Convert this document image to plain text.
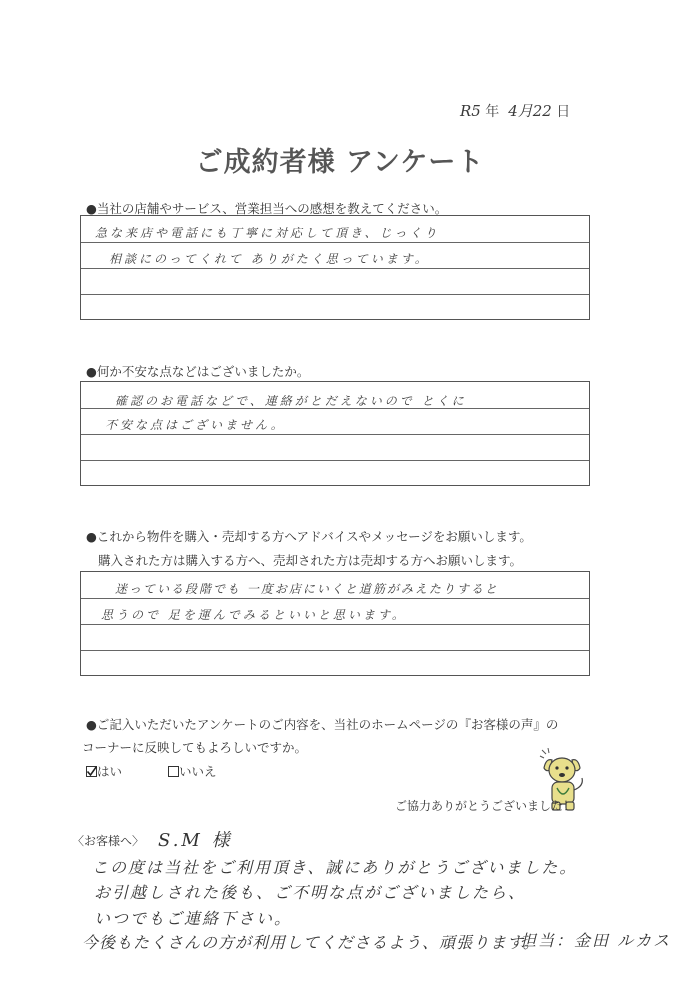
R5 年 4月22 日
ご成約者様 アンケート
●当社の店舗やサービス、営業担当への感想を教えてください。
急な来店や電話にも丁寧に対応して頂き、じっくり
相談にのってくれて ありがたく思っています。
●何か不安な点などはございましたか。
確認のお電話などで、連絡がとだえないので とくに
不安な点はございません。
●これから物件を購入・売却する方へアドバイスやメッセージをお願いします。
購入された方は購入する方へ、売却された方は売却する方へお願いします。
迷っている段階でも 一度お店にいくと道筋がみえたりすると
思うので 足を運んでみるといいと思います。
●ご記入いただいたアンケートのご内容を、当社のホームページの『お客様の声』の
コーナーに反映してもよろしいですか。
はい	いいえ
ご協力ありがとうございました！
〈お客様へ〉 S.M 様
この度は当社をご利用頂き、誠にありがとうございました。
お引越しされた後も、ご不明な点がございましたら、
いつでもご連絡下さい。
今後もたくさんの方が利用してくださるよう、頑張ります。
担当：金田 ルカス
